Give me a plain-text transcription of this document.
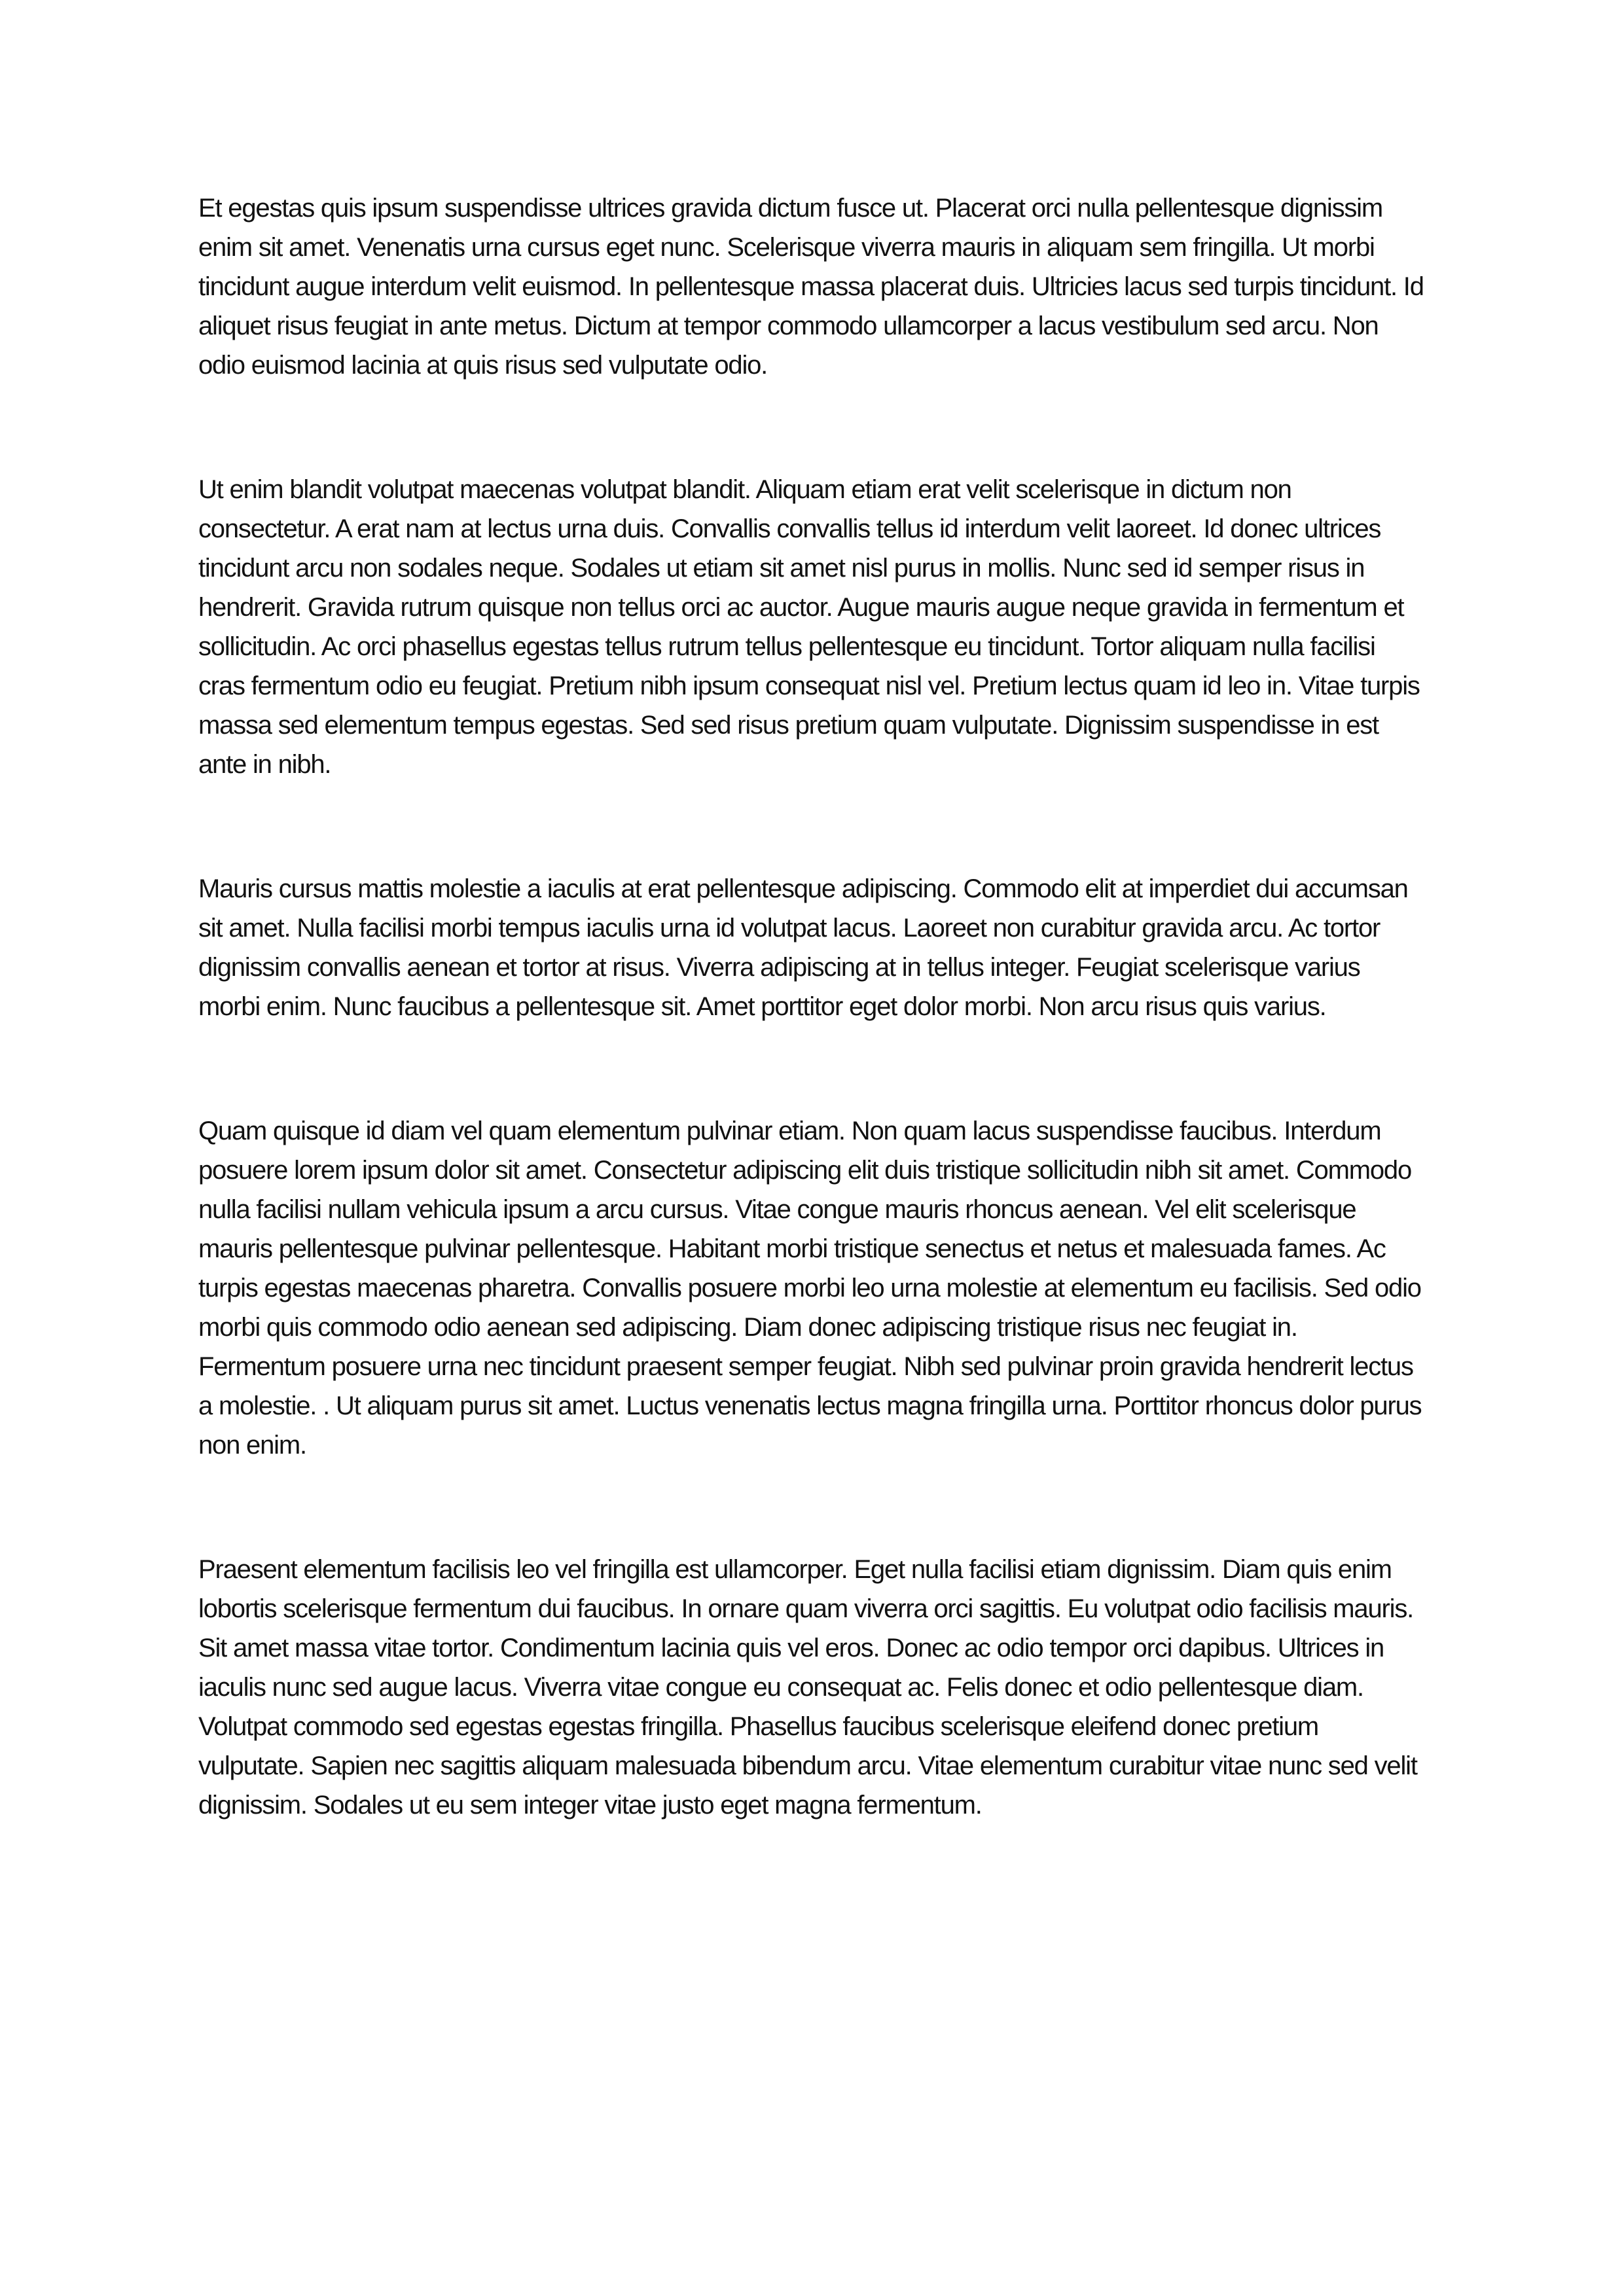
Et egestas quis ipsum suspendisse ultrices gravida dictum fusce ut. Placerat orci nulla pellentesque dignissim enim sit amet. Venenatis urna cursus eget nunc. Scelerisque viverra mauris in aliquam sem fringilla. Ut morbi tincidunt augue interdum velit euismod. In pellentesque massa placerat duis. Ultricies lacus sed turpis tincidunt. Id aliquet risus feugiat in ante metus. Dictum at tempor commodo ullamcorper a lacus vestibulum sed arcu. Non odio euismod lacinia at quis risus sed vulputate odio.

Ut enim blandit volutpat maecenas volutpat blandit. Aliquam etiam erat velit scelerisque in dictum non consectetur. A erat nam at lectus urna duis. Convallis convallis tellus id interdum velit laoreet. Id donec ultrices tincidunt arcu non sodales neque. Sodales ut etiam sit amet nisl purus in mollis. Nunc sed id semper risus in hendrerit. Gravida rutrum quisque non tellus orci ac auctor. Augue mauris augue neque gravida in fermentum et sollicitudin. Ac orci phasellus egestas tellus rutrum tellus pellentesque eu tincidunt. Tortor aliquam nulla facilisi cras fermentum odio eu feugiat. Pretium nibh ipsum consequat nisl vel. Pretium lectus quam id leo in. Vitae turpis massa sed elementum tempus egestas. Sed sed risus pretium quam vulputate. Dignissim suspendisse in est ante in nibh.

Mauris cursus mattis molestie a iaculis at erat pellentesque adipiscing. Commodo elit at imperdiet dui accumsan sit amet. Nulla facilisi morbi tempus iaculis urna id volutpat lacus. Laoreet non curabitur gravida arcu. Ac tortor dignissim convallis aenean et tortor at risus. Viverra adipiscing at in tellus integer. Feugiat scelerisque varius morbi enim. Nunc faucibus a pellentesque sit. Amet porttitor eget dolor morbi. Non arcu risus quis varius.

Quam quisque id diam vel quam elementum pulvinar etiam. Non quam lacus suspendisse faucibus. Interdum posuere lorem ipsum dolor sit amet. Consectetur adipiscing elit duis tristique sollicitudin nibh sit amet. Commodo nulla facilisi nullam vehicula ipsum a arcu cursus. Vitae congue mauris rhoncus aenean. Vel elit scelerisque mauris pellentesque pulvinar pellentesque. Habitant morbi tristique senectus et netus et malesuada fames. Ac turpis egestas maecenas pharetra. Convallis posuere morbi leo urna molestie at elementum eu facilisis. Sed odio morbi quis commodo odio aenean sed adipiscing. Diam donec adipiscing tristique risus nec feugiat in. Fermentum posuere urna nec tincidunt praesent semper feugiat. Nibh sed pulvinar proin gravida hendrerit lectus a molestie. . Ut aliquam purus sit amet. Luctus venenatis lectus magna fringilla urna. Porttitor rhoncus dolor purus non enim.

Praesent elementum facilisis leo vel fringilla est ullamcorper. Eget nulla facilisi etiam dignissim. Diam quis enim lobortis scelerisque fermentum dui faucibus. In ornare quam viverra orci sagittis. Eu volutpat odio facilisis mauris. Sit amet massa vitae tortor. Condimentum lacinia quis vel eros. Donec ac odio tempor orci dapibus. Ultrices in iaculis nunc sed augue lacus. Viverra vitae congue eu consequat ac. Felis donec et odio pellentesque diam. Volutpat commodo sed egestas egestas fringilla. Phasellus faucibus scelerisque eleifend donec pretium vulputate. Sapien nec sagittis aliquam malesuada bibendum arcu. Vitae elementum curabitur vitae nunc sed velit dignissim. Sodales ut eu sem integer vitae justo eget magna fermentum.
